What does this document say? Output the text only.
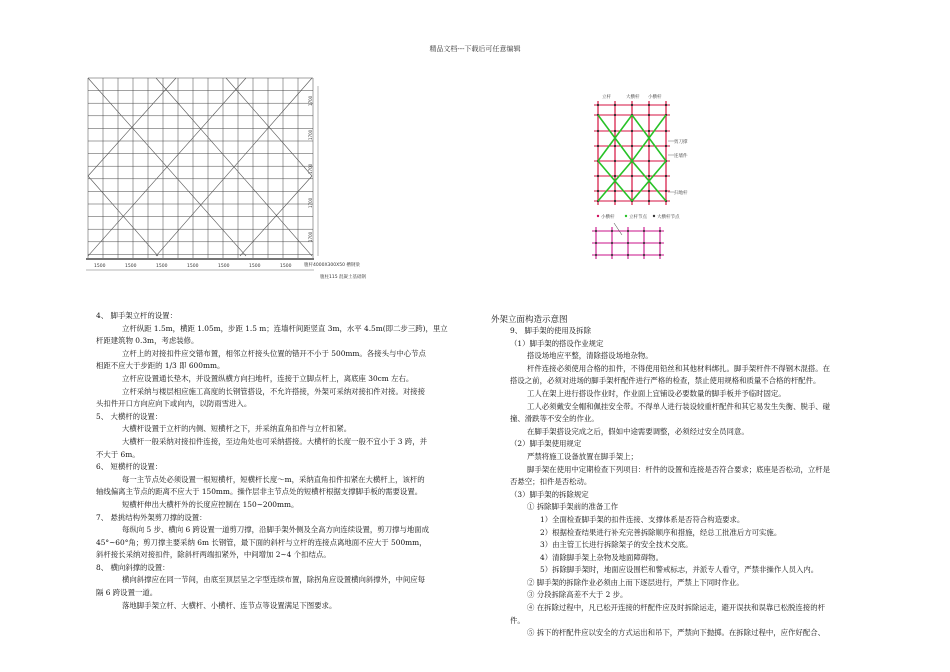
精品文档---下载后可任意编辑
1500	1500	1500	1500	1500	1500	1500	腹杆4000X300X50 槽钢梁
腹柱115 混凝土基础钢
1700
1700
1700
1700
1700
立杆	大横杆 小横杆
剪刀撑
连墙件
扫地杆
小横杆	立杆节点 大横杆节点
外架立面构造示意图

4、 脚手架立杆的设置：

立杆纵距 1.5m，横距 1.05m，步距 1.5 m；连墙杆间距竖直 3m，水平 4.5m(即二步三跨)，里立

杆距建筑物 0.3m，考虑装修。

立杆上的对接扣件应交错布置，相邻立杆接头位置的错开不小于 500mm。各接头与中心节点

相距不应大于步距的 1/3 即 600mm。

立杆应设置通长垫木，并设置纵横方向扫地杆，连接于立脚点杆上，离底座 30cm 左右。

立杆采纳与楼层相应施工高度的长钢管搭设，不允许搭接，外架可采纳对接扣件对接。对接接

头扣件开口方向应向下或向内，以防雨雪进入。

5、 大横杆的设置：

大横杆设置于立杆的内侧、短横杆之下，并采纳直角扣件与立杆扣紧。

大横杆一般采纳对接扣件连接，至边角处也可采纳搭接。大横杆的长度一般不宜小于 3 跨，并

不大于 6m。

6、 短横杆的设置：

每一主节点处必须设置一根短横杆，短横杆长度～m，采纳直角扣件扣紧在大横杆上，该杆的

轴线偏离主节点的距离不应大于 150mm。操作层非主节点处的短横杆根据支撑脚手板的需要设置。

短横杆伸出大横杆外的长度应控制在 150~200mm。

7、 悬挑结构外架剪刀撑的设置：

每纵向 5 步、横向 6 跨设置一道剪刀撑，沿脚手架外侧及全高方向连续设置，剪刀撑与地面成

45°~60°角；剪刀撑主要采纳 6m 长钢管，最下面的斜杆与立杆的连接点离地面不应大于 500mm，

斜杆接长采纳对接扣件，除斜杆两端扣紧外，中间增加 2~4 个扣结点。

8、 横向斜撑的设置：

横向斜撑应在同一节间，由底至顶层呈之字型连续布置，除拐角应设置横向斜撑外，中间应每

隔 6 跨设置一道。

落地脚手架立杆、大横杆、小横杆、连节点等设置满足下图要求。

9、 脚手架的使用及拆除

（1）脚手架的搭设作业规定

搭设场地应平整，清除搭设场地杂物。

杆件连接必须使用合格的扣件，不得使用铅丝和其他材料绑扎。脚手架杆件不得钢木混搭。在

搭设之前，必须对进场的脚手架杆配件进行严格的检查，禁止使用规格和质量不合格的杆配件。

工人在架上进行搭设作业时，作业面上宜铺设必要数量的脚手板并予临时固定。

工人必须戴安全帽和佩挂安全带。不得单人进行装设较重杆配件和其它易发生失衡、脱手、碰

撞、滑跌等不安全的作业。

在脚手架搭设完成之后，假如中途需要调整，必须经过安全员同意。

（2）脚手架使用规定

严禁将施工设备放置在脚手架上；

脚手架在使用中定期检查下列项目：杆件的设置和连接是否符合要求；底座是否松动，立杆是

否悬空；扣件是否松动。

（3）脚手架的拆除规定

① 拆除脚手架前的准备工作

1）全面检查脚手架的扣件连接、支撑体系是否符合构造要求。

2）根据检查结果进行补充完善拆除顺序和措施，经总工批准后方可实施。

3）由主管工长进行拆除架子的安全技术交底。

4）清除脚手架上杂物及地面障碍物。

5）拆除脚手架时，地面应设围栏和警戒标志，并派专人看守，严禁非操作人员入内。

② 脚手架的拆除作业必须由上而下逐层进行，严禁上下同时作业。

③ 分段拆除高差不大于 2 步。

④ 在拆除过程中，凡已松开连接的杆配件应及时拆除运走，避开误扶和误靠已松脱连接的杆

件。

⑤ 拆下的杆配件应以安全的方式运出和吊下，严禁向下抛掷。在拆除过程中，应作好配合、
